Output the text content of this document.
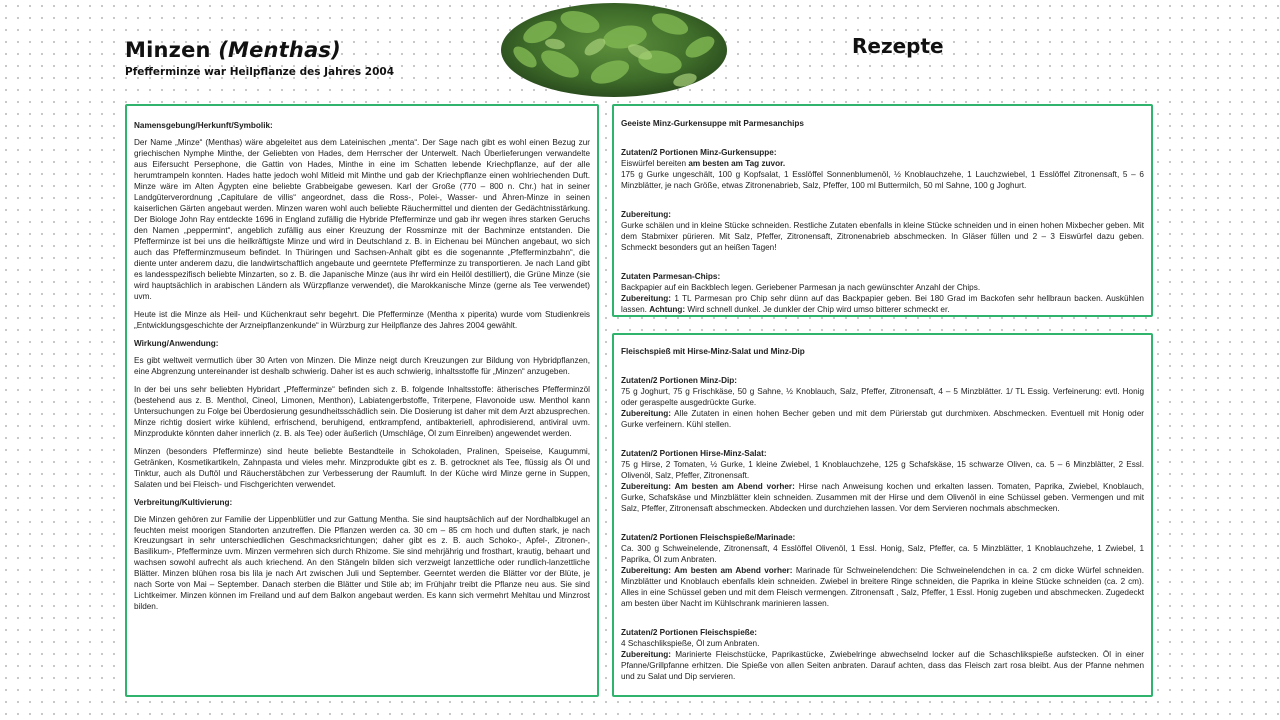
Minzen (Menthas)

Pfefferminze war Heilpflanze des Jahres 2004

Rezepte

Namensgebung/Herkunft/Symbolik:

Der Name „Minze“ (Menthas) wäre abgeleitet aus dem Lateinischen „mentа“. Der Sage nach gibt es wohl einen Bezug zur griechischen Nymphe Minthe, der Geliebten von Hades, dem Herrscher der Unterwelt. Nach Überlieferungen verwandelte aus Eifersucht Persephone, die Gattin von Hades, Minthe in eine im Schatten lebende Kriechpflanze, auf der alle herumtrampeln konnten. Hades hatte jedoch wohl Mitleid mit Minthe und gab der Kriechpflanze einen wohlriechenden Duft. Minze wäre im Alten Ägypten eine beliebte Grabbeigabe gewesen. Karl der Große (770 – 800 n. Chr.) hat in seiner Landgüterverordnung „Capitulare de villis“ angeordnet, dass die Ross-, Polei-, Wasser- und Ähren-Minze in seinen kaiserlichen Gärten angebaut werden. Minzen waren wohl auch beliebte Räuchermittel und dienten der Gedächtnisstärkung. Der Biologe John Ray entdeckte 1696 in England zufällig die Hybride Pfefferminze und gab ihr wegen ihres starken Geruchs den Namen „peppermint“, angeblich zufällig aus einer Kreuzung der Rossminze mit der Bachminze entstanden. Die Pfefferminze ist bei uns die heilkräftigste Minze und wird in Deutschland z. B. in Eichenau bei München angebaut, wo sich auch das Pfefferminzmuseum befindet. In Thüringen und Sachsen-Anhalt gibt es die sogenannte „Pfefferminzbahn“, die diente unter anderem dazu, die landwirtschaftlich angebaute und geerntete Pfefferminze zu transportieren. Je nach Land gibt es landesspezifisch beliebte Minzarten, so z. B. die Japanische Minze (aus ihr wird ein Heilöl destilliert), die Grüne Minze (sie wird hauptsächlich in arabischen Ländern als Würzpflanze verwendet), die Marokkanische Minze (gerne als Tee verwendet) uvm.

Heute ist die Minze als Heil- und Küchenkraut sehr begehrt. Die Pfefferminze (Mentha x piperita) wurde vom Studienkreis „Entwicklungsgeschichte der Arzneipflanzenkunde“ in Würzburg zur Heilpflanze des Jahres 2004 gewählt.

Wirkung/Anwendung:

Es gibt weltweit vermutlich über 30 Arten von Minzen. Die Minze neigt durch Kreuzungen zur Bildung von Hybridpflanzen, eine Abgrenzung untereinander ist deshalb schwierig. Daher ist es auch schwierig, inhaltsstoffe für „Minzen“ anzugeben.

In der bei uns sehr beliebten Hybridart „Pfefferminze“ befinden sich z. B. folgende Inhaltsstoffe: ätherisches Pfefferminzöl (bestehend aus z. B. Menthol, Cineol, Limonen, Menthon), Labiatengerbstoffe, Triterpene, Flavonoide usw. Menthol kann Untersuchungen zu Folge bei Überdosierung gesundheitsschädlich sein. Die Dosierung ist daher mit dem Arzt abzusprechen. Minze richtig dosiert wirke kühlend, erfrischend, beruhigend, entkrampfend, antibakteriell, aphrodisierend, antiviral uvm. Minzprodukte könnten daher innerlich (z. B. als Tee) oder äußerlich (Umschläge, Öl zum Einreiben) angewendet werden.

Minzen (besonders Pfefferminze) sind heute beliebte Bestandteile in Schokoladen, Pralinen, Speiseise, Kaugummi, Getränken, Kosmetikartikeln, Zahnpasta und vieles mehr. Minzprodukte gibt es z. B. getrocknet als Tee, flüssig als Öl und Tinktur, auch als Duftöl und Räucherstäbchen zur Verbesserung der Raumluft. In der Küche wird Minze gerne in Suppen, Salaten und bei Fleisch- und Fischgerichten verwendet.

Verbreitung/Kultivierung:

Die Minzen gehören zur Familie der Lippenblütler und zur Gattung Mentha. Sie sind hauptsächlich auf der Nordhalbkugel an feuchten meist moorigen Standorten anzutreffen. Die Pflanzen werden ca. 30 cm – 85 cm hoch und duften stark, je nach Kreuzungsart in sehr unterschiedlichen Geschmacksrichtungen; daher gibt es z. B. auch Schoko-, Apfel-, Zitronen-, Basilikum-, Pfefferminze uvm. Minzen vermehren sich durch Rhizome. Sie sind mehrjährig und frosthart, krautig, behaart und wachsen sowohl aufrecht als auch kriechend. An den Stängeln bilden sich verzweigt lanzettliche oder rundlich-lanzettliche Blätter. Minzen blühen rosa bis lila je nach Art zwischen Juli und September. Geerntet werden die Blätter vor der Blüte, je nach Sorte von Mai – September. Danach sterben die Blätter und Stile ab; im Frühjahr treibt die Pflanze neu aus. Sie sind Lichtkeimer. Minzen können im Freiland und auf dem Balkon angebaut werden. Es kann sich vermehrt Mehltau und Minzrost bilden.

Geeiste Minz-Gurkensuppe mit Parmesanchips

Zutaten/2 Portionen Minz-Gurkensuppe:

Eiswürfel bereiten am besten am Tag zuvor.

175 g Gurke ungeschält, 100 g Kopfsalat, 1 Esslöffel Sonnenblumenöl, ½ Knoblauchzehe, 1 Lauchzwiebel, 1 Esslöffel Zitronensaft, 5 – 6 Minzblätter, je nach Größe, etwas Zitronenabrieb, Salz, Pfeffer, 100 ml Buttermilch, 50 ml Sahne, 100 g Joghurt.

Zubereitung:

Gurke schälen und in kleine Stücke schneiden. Restliche Zutaten ebenfalls in kleine Stücke schneiden und in einen hohen Mixbecher geben. Mit dem Stabmixer pürieren. Mit Salz, Pfeffer, Zitronensaft, Zitronenabrieb abschmecken. In Gläser füllen und 2 – 3 Eiswürfel dazu geben. Schmeckt besonders gut an heißen Tagen!

Zutaten Parmesan-Chips:

Backpapier auf ein Backblech legen. Geriebener Parmesan ja nach gewünschter Anzahl der Chips.

Zubereitung: 1 TL Parmesan pro Chip sehr dünn auf das Backpapier geben. Bei 180 Grad im Backofen sehr hellbraun backen. Auskühlen lassen. Achtung: Wird schnell dunkel. Je dunkler der Chip wird umso bitterer schmeckt er.

Fleischspieß mit Hirse-Minz-Salat und Minz-Dip

Zutaten/2 Portionen Minz-Dip:

75 g Joghurt, 75 g Frischkäse, 50 g Sahne, ½ Knoblauch, Salz, Pfeffer, Zitronensaft, 4 – 5 Minzblätter. 1/ TL Essig. Verfeinerung: evtl. Honig oder geraspelte ausgedrückte Gurke.

Zubereitung: Alle Zutaten in einen hohen Becher geben und mit dem Pürierstab gut durchmixen. Abschmecken. Eventuell mit Honig oder Gurke verfeinern. Kühl stellen.

Zutaten/2 Portionen Hirse-Minz-Salat:

75 g Hirse, 2 Tomaten, ½ Gurke, 1 kleine Zwiebel, 1 Knoblauchzehe, 125 g Schafskäse, 15 schwarze Oliven, ca. 5 – 6 Minzblätter, 2 Essl. Olivenöl, Salz, Pfeffer, Zitronensaft.

Zubereitung: Am besten am Abend vorher: Hirse nach Anweisung kochen und erkalten lassen. Tomaten, Paprika, Zwiebel, Knoblauch, Gurke, Schafskäse und Minzblätter klein schneiden. Zusammen mit der Hirse und dem Olivenöl in eine Schüssel geben. Vermengen und mit Salz, Pfeffer, Zitronensaft abschmecken. Abdecken und durchziehen lassen. Vor dem Servieren nochmals abschmecken.

Zutaten/2 Portionen Fleischspieße/Marinade:

Ca. 300 g Schweinelende, Zitronensaft, 4 Esslöffel Olivenöl, 1 Essl. Honig, Salz, Pfeffer, ca. 5 Minzblätter, 1 Knoblauchzehe, 1 Zwiebel, 1 Paprika, Öl zum Anbraten.

Zubereitung: Am besten am Abend vorher: Marinade für Schweinelendchen: Die Schweinelendchen in ca. 2 cm dicke Würfel schneiden. Minzblätter und Knoblauch ebenfalls klein schneiden. Zwiebel in breitere Ringe schneiden, die Paprika in kleine Stücke schneiden (ca. 2 cm). Alles in eine Schüssel geben und mit dem Fleisch vermengen. Zitronensaft , Salz, Pfeffer, 1 Essl. Honig zugeben und abschmecken. Zugedeckt am besten über Nacht im Kühlschrank marinieren lassen.

Zutaten/2 Portionen Fleischspieße:

4 Schaschlikspieße, Öl zum Anbraten.

Zubereitung: Marinierte Fleischstücke, Paprikastücke, Zwiebelringe abwechselnd locker auf die Schaschlikspieße aufstecken. Öl in einer Pfanne/Grillpfanne erhitzen. Die Spieße von allen Seiten anbraten. Darauf achten, dass das Fleisch zart rosa bleibt. Aus der Pfanne nehmen und zu Salat und Dip servieren.
